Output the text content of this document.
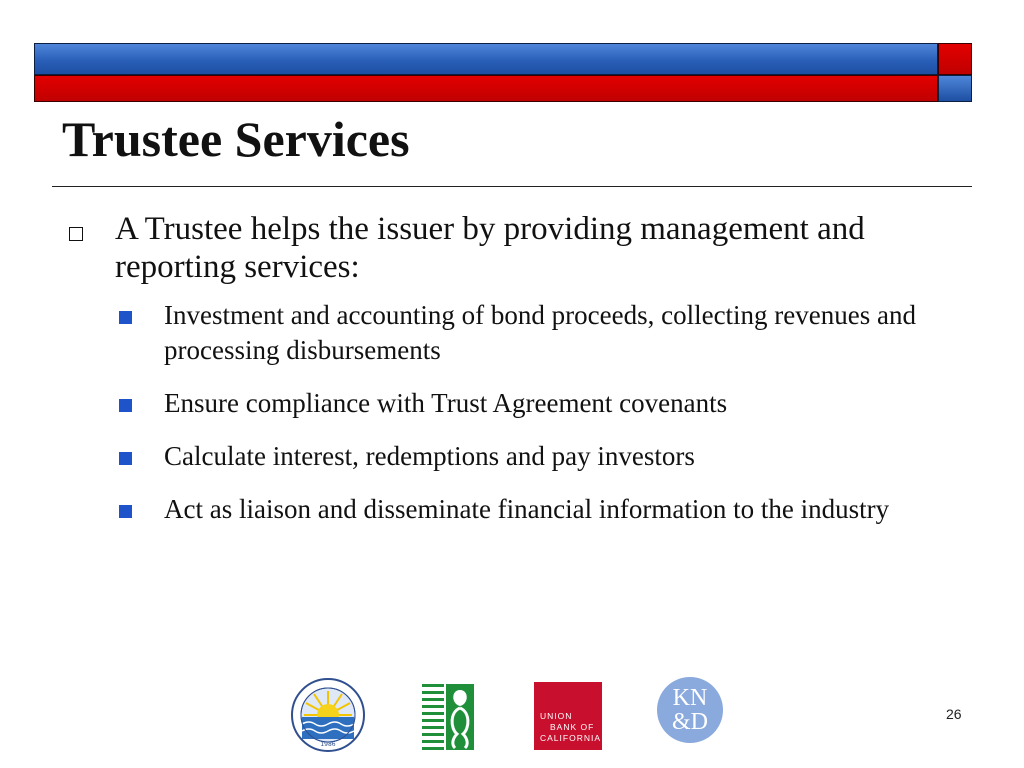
Trustee Services
A Trustee helps the issuer by providing management and reporting services:
Investment and accounting of bond proceeds, collecting revenues and processing disbursements
Ensure compliance with Trust Agreement covenants
Calculate interest, redemptions and pay investors
Act as liaison and disseminate financial information to the industry
1986
UNION
BANK OF
CALIFORNIA
KN
&D	26
